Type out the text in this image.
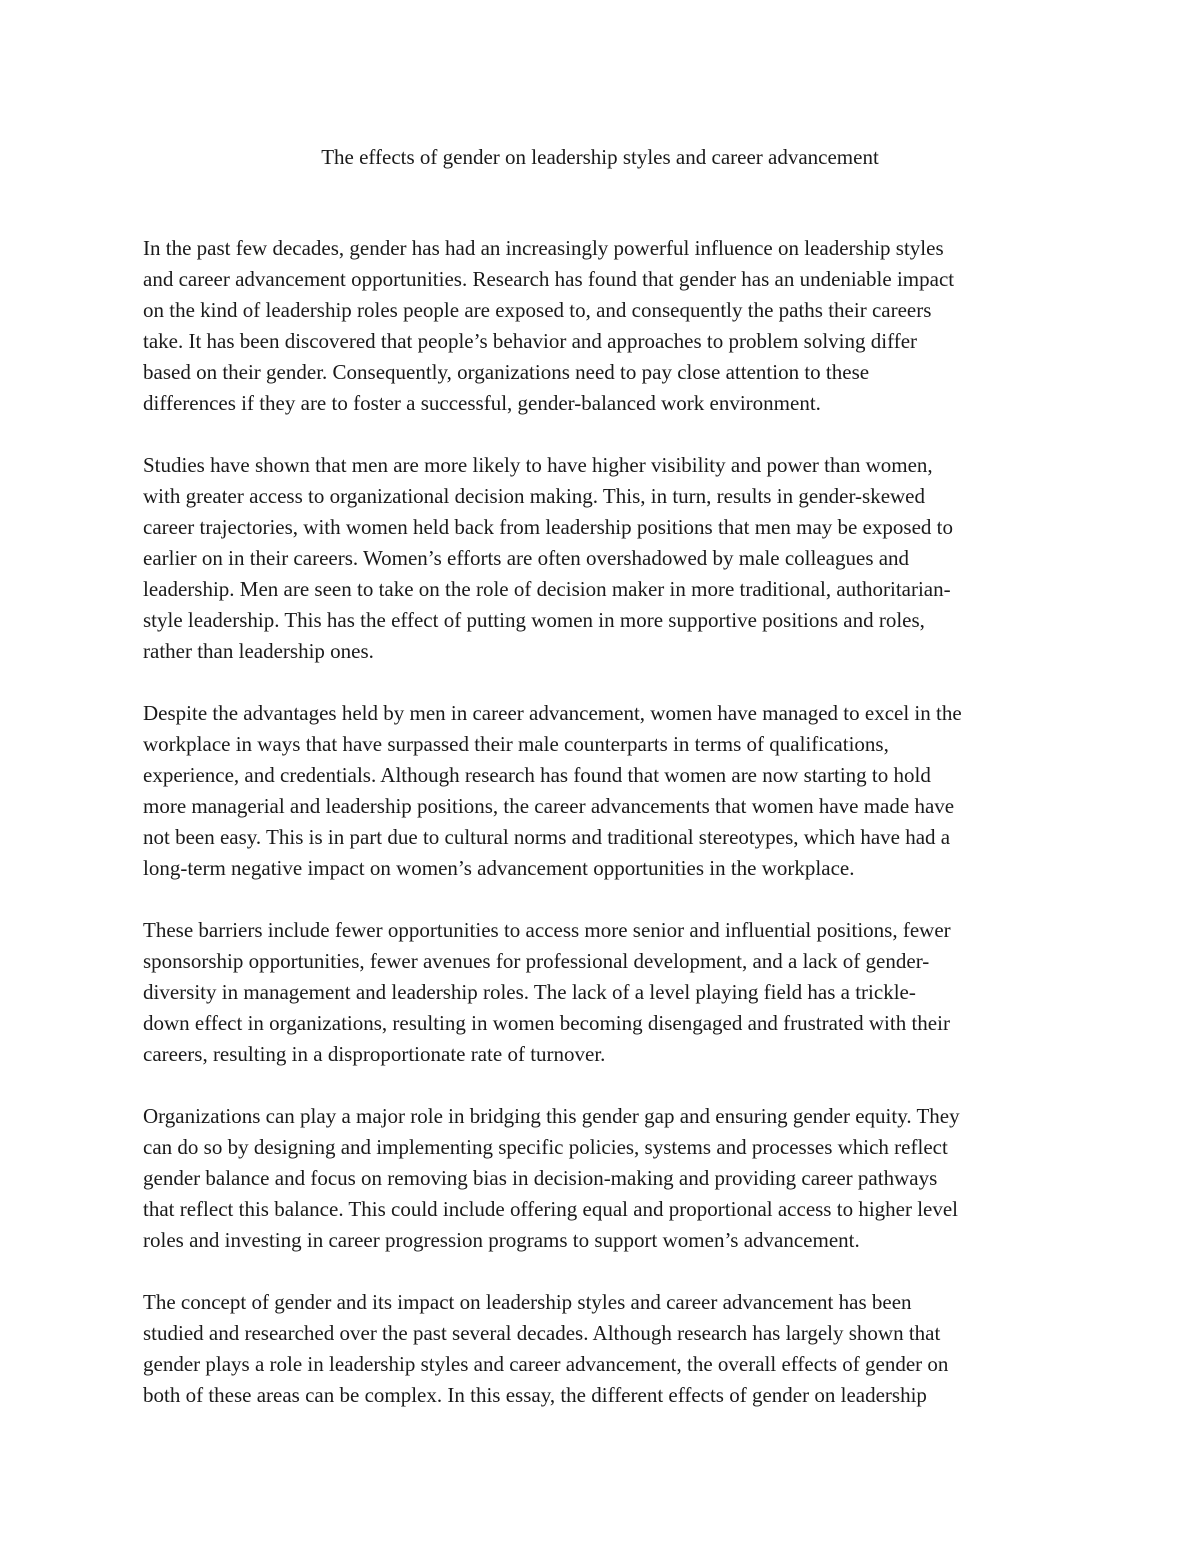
The effects of gender on leadership styles and career advancement

In the past few decades, gender has had an increasingly powerful influence on leadership styles
and career advancement opportunities. Research has found that gender has an undeniable impact
on the kind of leadership roles people are exposed to, and consequently the paths their careers
take. It has been discovered that people’s behavior and approaches to problem solving differ
based on their gender. Consequently, organizations need to pay close attention to these
differences if they are to foster a successful, gender-balanced work environment.

Studies have shown that men are more likely to have higher visibility and power than women,
with greater access to organizational decision making. This, in turn, results in gender-skewed
career trajectories, with women held back from leadership positions that men may be exposed to
earlier on in their careers. Women’s efforts are often overshadowed by male colleagues and
leadership. Men are seen to take on the role of decision maker in more traditional, authoritarian-
style leadership. This has the effect of putting women in more supportive positions and roles,
rather than leadership ones.

Despite the advantages held by men in career advancement, women have managed to excel in the
workplace in ways that have surpassed their male counterparts in terms of qualifications,
experience, and credentials. Although research has found that women are now starting to hold
more managerial and leadership positions, the career advancements that women have made have
not been easy. This is in part due to cultural norms and traditional stereotypes, which have had a
long-term negative impact on women’s advancement opportunities in the workplace.

These barriers include fewer opportunities to access more senior and influential positions, fewer
sponsorship opportunities, fewer avenues for professional development, and a lack of gender-
diversity in management and leadership roles. The lack of a level playing field has a trickle-
down effect in organizations, resulting in women becoming disengaged and frustrated with their
careers, resulting in a disproportionate rate of turnover.

Organizations can play a major role in bridging this gender gap and ensuring gender equity. They
can do so by designing and implementing specific policies, systems and processes which reflect
gender balance and focus on removing bias in decision-making and providing career pathways
that reflect this balance. This could include offering equal and proportional access to higher level
roles and investing in career progression programs to support women’s advancement.

The concept of gender and its impact on leadership styles and career advancement has been
studied and researched over the past several decades. Although research has largely shown that
gender plays a role in leadership styles and career advancement, the overall effects of gender on
both of these areas can be complex. In this essay, the different effects of gender on leadership
